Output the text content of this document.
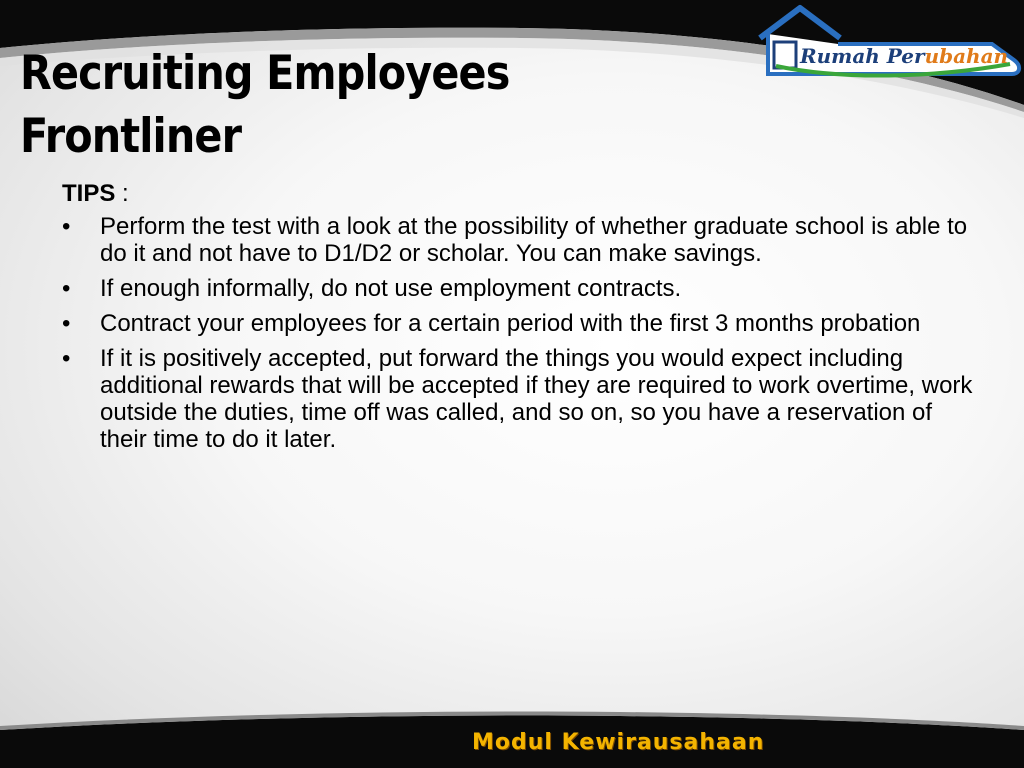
Rumah Perubahan
Recruiting Employees
Frontliner

TIPS :

• Perform the test with a look at the possibility of whether graduate school is able to do it and not have to D1/D2 or scholar. You can make savings.
• If enough informally, do not use employment contracts.
• Contract your employees for a certain period with the first 3 months probation
• If it is positively accepted, put forward the things you would expect including additional rewards that will be accepted if they are required to work overtime, work outside the duties, time off was called, and so on, so you have a reservation of their time to do it later.
Modul Kewirausahaan
